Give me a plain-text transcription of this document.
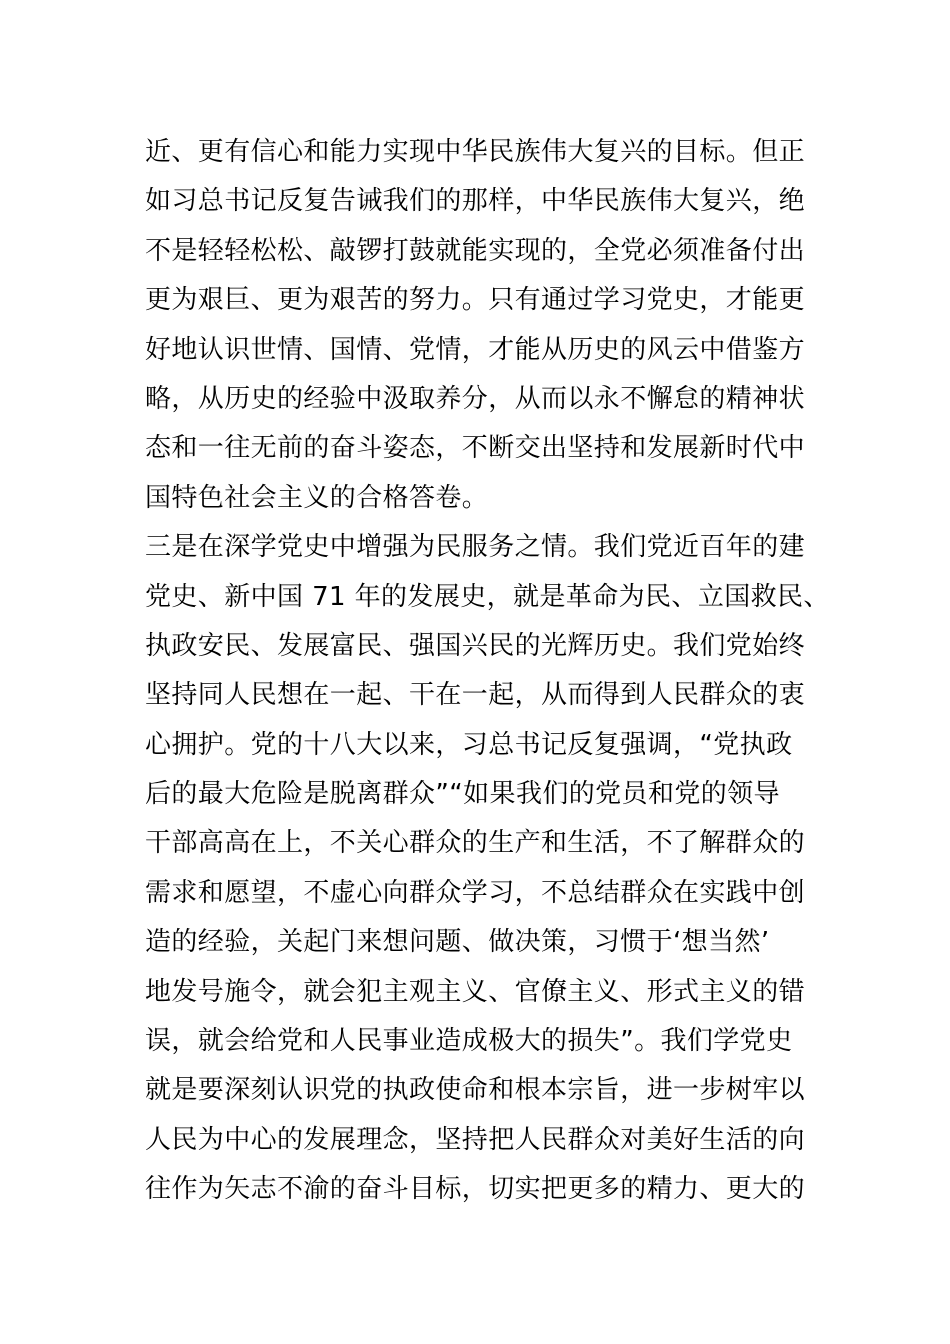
近、更有信心和能力实现中华民族伟大复兴的目标。但正
如习总书记反复告诫我们的那样，中华民族伟大复兴，绝
不是轻轻松松、敲锣打鼓就能实现的，全党必须准备付出
更为艰巨、更为艰苦的努力。只有通过学习党史，才能更
好地认识世情、国情、党情，才能从历史的风云中借鉴方
略，从历史的经验中汲取养分，从而以永不懈怠的精神状
态和一往无前的奋斗姿态，不断交出坚持和发展新时代中
国特色社会主义的合格答卷。
三是在深学党史中增强为民服务之情。我们党近百年的建
党史、新中国 71 年的发展史，就是革命为民、立国救民、
执政安民、发展富民、强国兴民的光辉历史。我们党始终
坚持同人民想在一起、干在一起，从而得到人民群众的衷
心拥护。党的十八大以来，习总书记反复强调，“党执政
后的最大危险是脱离群众”“如果我们的党员和党的领导
干部高高在上，不关心群众的生产和生活，不了解群众的
需求和愿望，不虚心向群众学习，不总结群众在实践中创
造的经验，关起门来想问题、做决策，习惯于‘想当然’
地发号施令，就会犯主观主义、官僚主义、形式主义的错
误，就会给党和人民事业造成极大的损失”。我们学党史
就是要深刻认识党的执政使命和根本宗旨，进一步树牢以
人民为中心的发展理念，坚持把人民群众对美好生活的向
往作为矢志不渝的奋斗目标，切实把更多的精力、更大的
